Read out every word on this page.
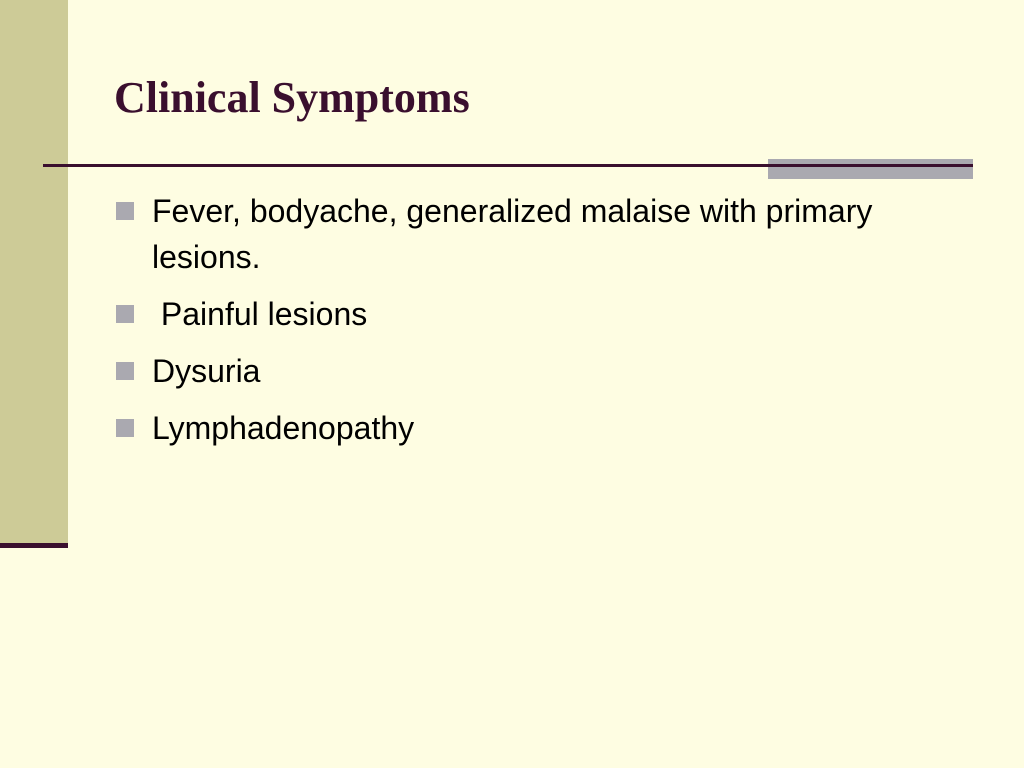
Clinical Symptoms
Fever, bodyache, generalized malaise with primary lesions.
Painful lesions
Dysuria
Lymphadenopathy
